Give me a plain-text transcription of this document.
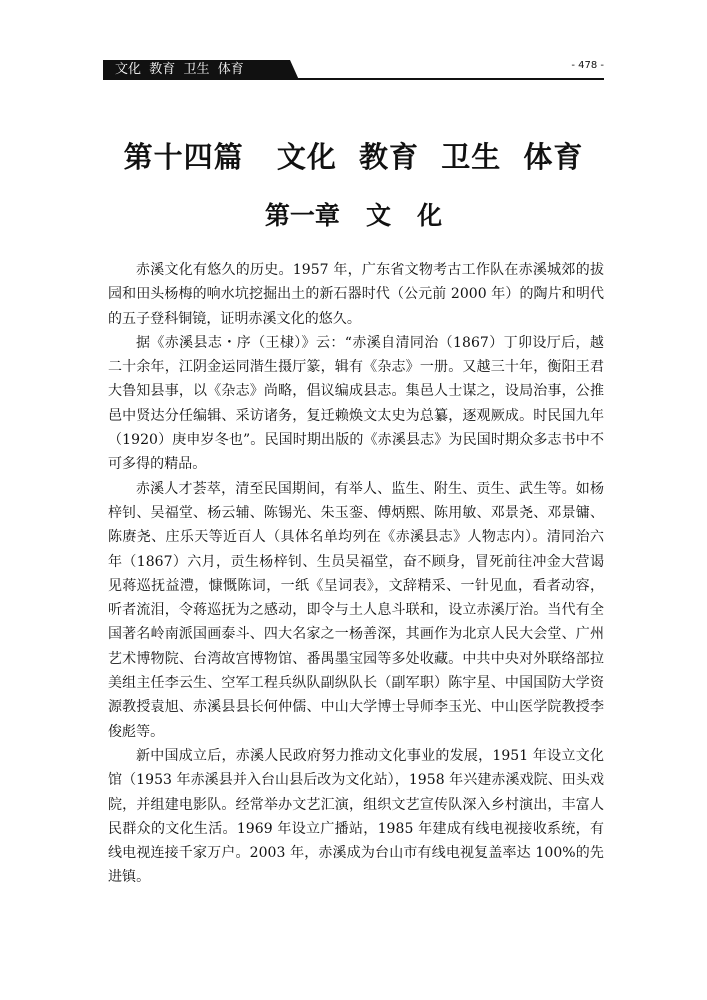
文化  教育  卫生  体育	- 478 -
第十四篇   文化  教育  卫生  体育
第一章   文   化

赤溪文化有悠久的历史。1957 年，广东省文物考古工作队在赤溪城郊的拔园和田头杨梅的响水坑挖掘出土的新石器时代（公元前 2000 年）的陶片和明代的五子登科铜镜，证明赤溪文化的悠久。

据《赤溪县志・序（王棣）》云：“赤溪自清同治（1867）丁卯设厅后，越二十余年，江阴金运同湝生摄厅篆，辑有《杂志》一册。又越三十年，衡阳王君大鲁知县事，以《杂志》尚略，倡议编成县志。集邑人士谋之，设局治事，公推邑中贤达分任编辑、采访诸务，复迁赖焕文太史为总纂，逐观厥成。时民国九年（1920）庚申岁冬也”。民国时期出版的《赤溪县志》为民国时期众多志书中不可多得的精品。

赤溪人才荟萃，清至民国期间，有举人、监生、附生、贡生、武生等。如杨梓钊、吴福堂、杨云辅、陈锡光、朱玉銮、傅炳熙、陈用敏、邓景尧、邓景镛、陈赓尧、庄乐天等近百人（具体名单均列在《赤溪县志》人物志内）。清同治六年（1867）六月，贡生杨梓钊、生员吴福堂，奋不顾身，冒死前往冲金大营谒见蒋巡抚益澧，慷慨陈词，一纸《呈词表》，文辞精采、一针见血，看者动容，听者流泪，令蒋巡抚为之感动，即令与土人息斗联和，设立赤溪厅治。当代有全国著名岭南派国画泰斗、四大名家之一杨善深，其画作为北京人民大会堂、广州艺术博物院、台湾故宫博物馆、番禺墨宝园等多处收藏。中共中央对外联络部拉美组主任李云生、空军工程兵纵队副纵队长（副军职）陈宇星、中国国防大学资源教授袁旭、赤溪县县长何仲儒、中山大学博士导师李玉光、中山医学院教授李俊彪等。

新中国成立后，赤溪人民政府努力推动文化事业的发展，1951 年设立文化馆（1953 年赤溪县并入台山县后改为文化站），1958 年兴建赤溪戏院、田头戏院，并组建电影队。经常举办文艺汇演，组织文艺宣传队深入乡村演出，丰富人民群众的文化生活。1969 年设立广播站，1985 年建成有线电视接收系统，有线电视连接千家万户。2003 年，赤溪成为台山市有线电视复盖率达 100%的先进镇。
